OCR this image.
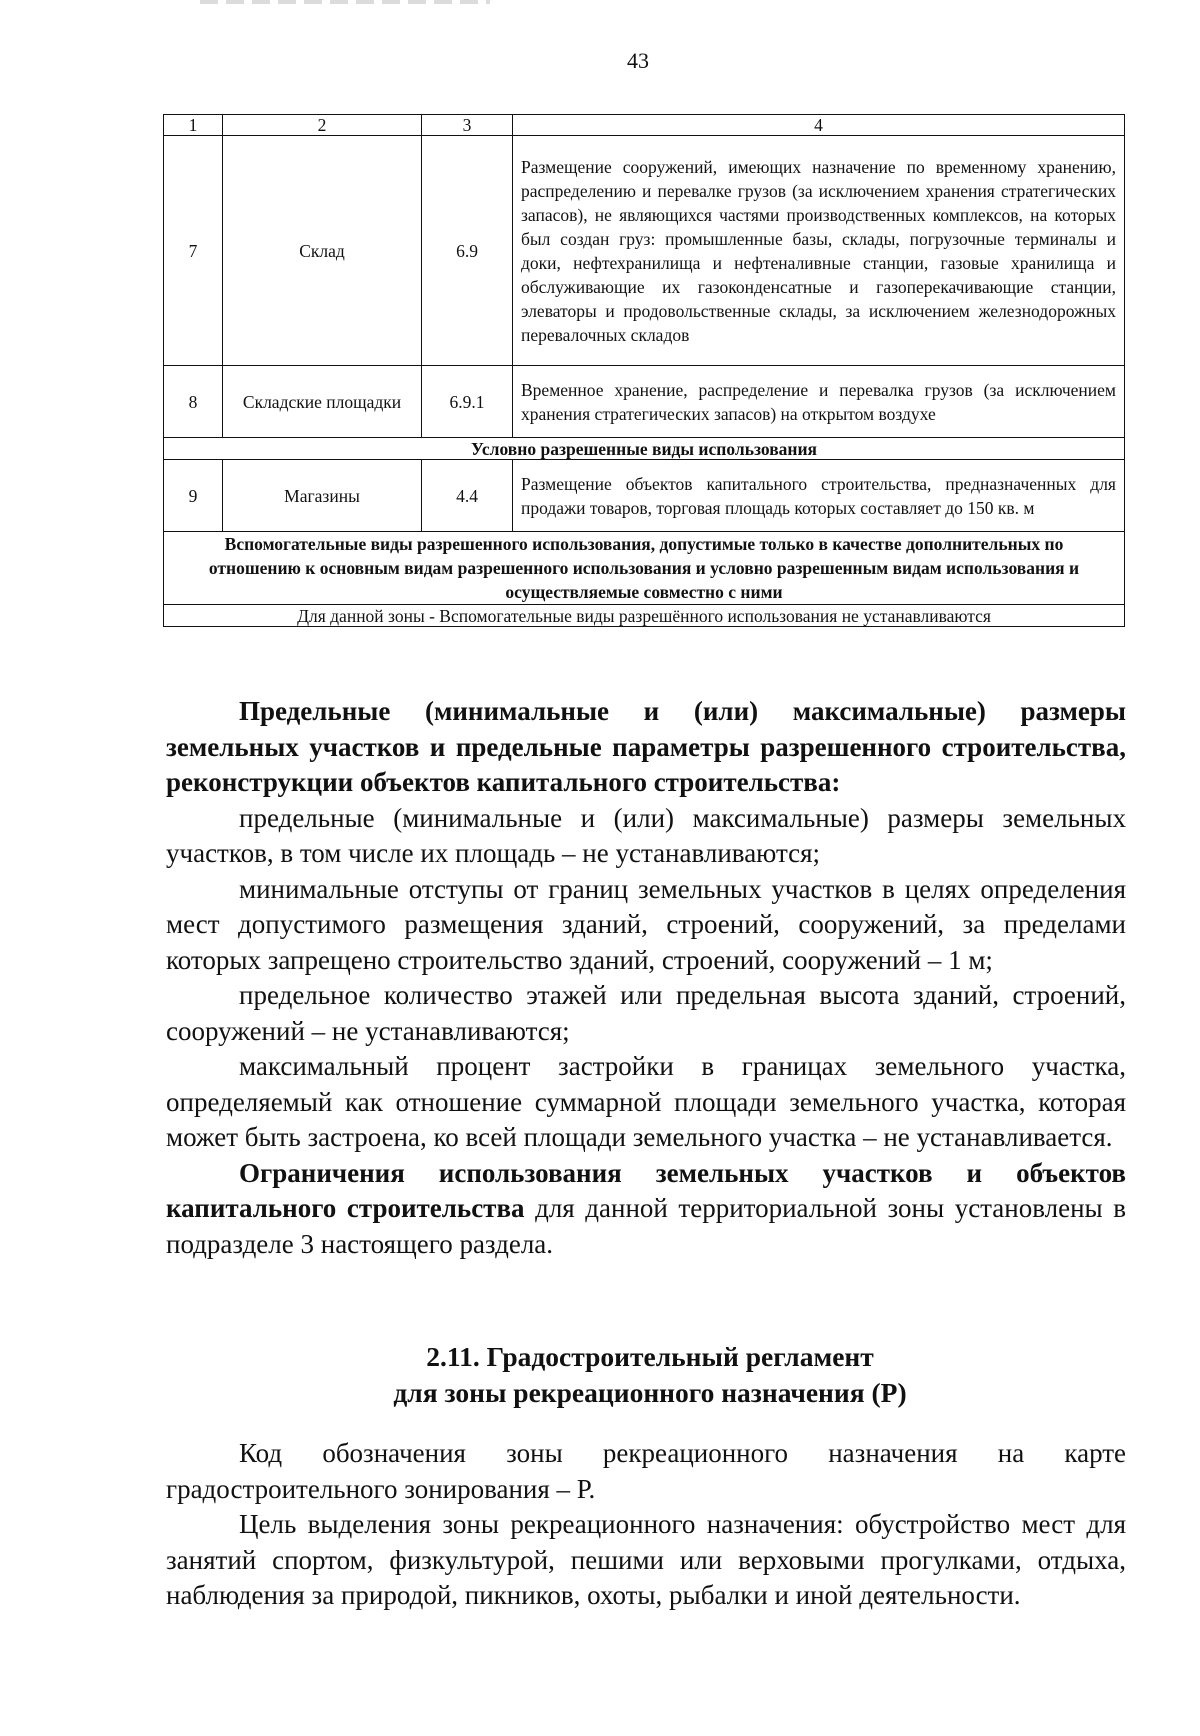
43
1	2	3	4
7	Склад	6.9	Размещение сооружений, имеющих назначение по временному хранению, распределению и перевалке грузов (за исключением хранения стратегических запасов), не являющихся частями производственных комплексов, на которых был создан груз: промышленные базы, склады, погрузочные терминалы и доки, нефтехранилища и нефтеналивные станции, газовые хранилища и обслуживающие их газоконденсатные и газоперекачивающие станции, элеваторы и продовольственные склады, за исключением железнодорожных перевалочных складов
8	Складские площадки	6.9.1	Временное хранение, распределение и перевалка грузов (за исключением хранения стратегических запасов) на открытом воздухе
Условно разрешенные виды использования			
9	Магазины	4.4	Размещение объектов капитального строительства, предназначенных для продажи товаров, торговая площадь которых составляет до 150 кв. м
Вспомогательные виды разрешенного использования, допустимые только в качестве дополнительных по отношению к основным видам разрешенного использования и условно разрешенным видам использования и осуществляемые совместно с ними			
Для данной зоны - Вспомогательные виды разрешённого использования не устанавливаются			

Предельные (минимальные и (или) максимальные) размеры земельных участков и предельные параметры разрешенного строительства, реконструкции объектов капитального строительства:

предельные (минимальные и (или) максимальные) размеры земельных участков, в том числе их площадь – не устанавливаются;

минимальные отступы от границ земельных участков в целях определения мест допустимого размещения зданий, строений, сооружений, за пределами которых запрещено строительство зданий, строений, сооружений – 1 м;

предельное количество этажей или предельная высота зданий, строений, сооружений – не устанавливаются;

максимальный процент застройки в границах земельного участка, определяемый как отношение суммарной площади земельного участка, которая может быть застроена, ко всей площади земельного участка – не устанавливается.

Ограничения использования земельных участков и объектов капитального строительства для данной территориальной зоны установлены в подразделе 3 настоящего раздела.

2.11. Градостроительный регламент
для зоны рекреационного назначения (Р)

Код обозначения зоны рекреационного назначения на карте градостроительного зонирования – Р.

Цель выделения зоны рекреационного назначения: обустройство мест для занятий спортом, физкультурой, пешими или верховыми прогулками, отдыха, наблюдения за природой, пикников, охоты, рыбалки и иной деятельности.
